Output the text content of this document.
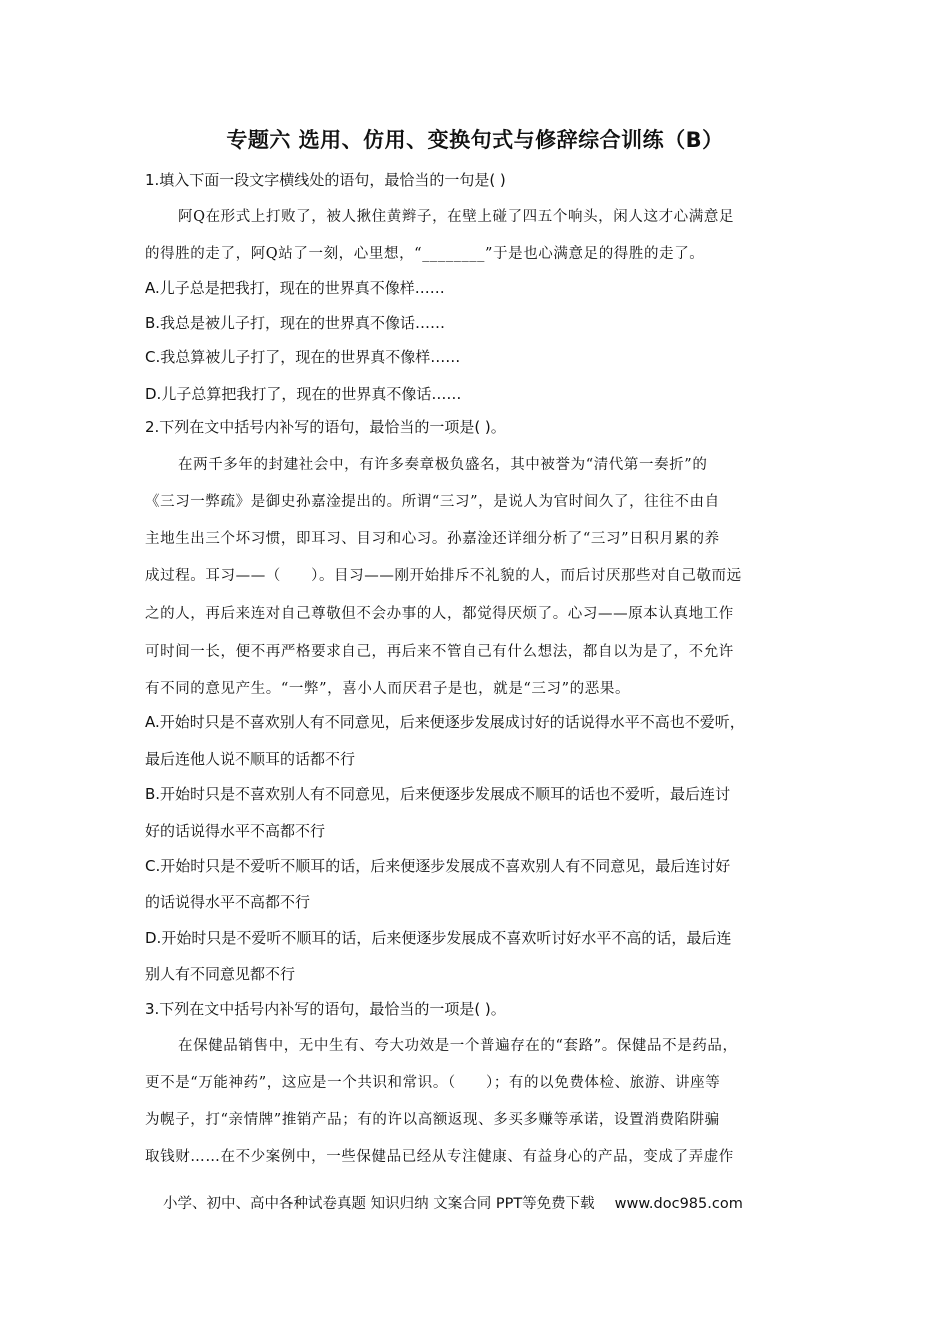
专题六 选用、仿用、变换句式与修辞综合训练（B）
1.填入下面一段文字横线处的语句，最恰当的一句是( )
阿Q在形式上打败了，被人揪住黄辫子，在壁上碰了四五个响头，闲人这才心满意足
的得胜的走了，阿Q站了一刻，心里想，“________”于是也心满意足的得胜的走了。
A.儿子总是把我打，现在的世界真不像样……
B.我总是被儿子打，现在的世界真不像话……
C.我总算被儿子打了，现在的世界真不像样……
D.儿子总算把我打了，现在的世界真不像话……
2.下列在文中括号内补写的语句，最恰当的一项是( )。
在两千多年的封建社会中，有许多奏章极负盛名，其中被誉为“清代第一奏折”的
《三习一弊疏》是御史孙嘉淦提出的。所谓“三习”，是说人为官时间久了，往往不由自
主地生出三个坏习惯，即耳习、目习和心习。孙嘉淦还详细分析了“三习”日积月累的养
成过程。耳习——（　　）。目习——刚开始排斥不礼貌的人，而后讨厌那些对自己敬而远
之的人，再后来连对自己尊敬但不会办事的人，都觉得厌烦了。心习——原本认真地工作
可时间一长，便不再严格要求自己，再后来不管自己有什么想法，都自以为是了，不允许
有不同的意见产生。“一弊”，喜小人而厌君子是也，就是“三习”的恶果。
A.开始时只是不喜欢别人有不同意见，后来便逐步发展成讨好的话说得水平不高也不爱听，
最后连他人说不顺耳的话都不行
B.开始时只是不喜欢别人有不同意见，后来便逐步发展成不顺耳的话也不爱听，最后连讨
好的话说得水平不高都不行
C.开始时只是不爱听不顺耳的话，后来便逐步发展成不喜欢别人有不同意见，最后连讨好
的话说得水平不高都不行
D.开始时只是不爱听不顺耳的话，后来便逐步发展成不喜欢听讨好水平不高的话，最后连
别人有不同意见都不行
3.下列在文中括号内补写的语句，最恰当的一项是( )。
在保健品销售中，无中生有、夸大功效是一个普遍存在的“套路”。保健品不是药品，
更不是“万能神药”，这应是一个共识和常识。（　　）；有的以免费体检、旅游、讲座等
为幌子，打“亲情牌”推销产品；有的许以高额返现、多买多赚等承诺，设置消费陷阱骗
取钱财……在不少案例中，一些保健品已经从专注健康、有益身心的产品，变成了弄虚作
小学、初中、高中各种试卷真题 知识归纳 文案合同 PPT等免费下载 www.doc985.com
